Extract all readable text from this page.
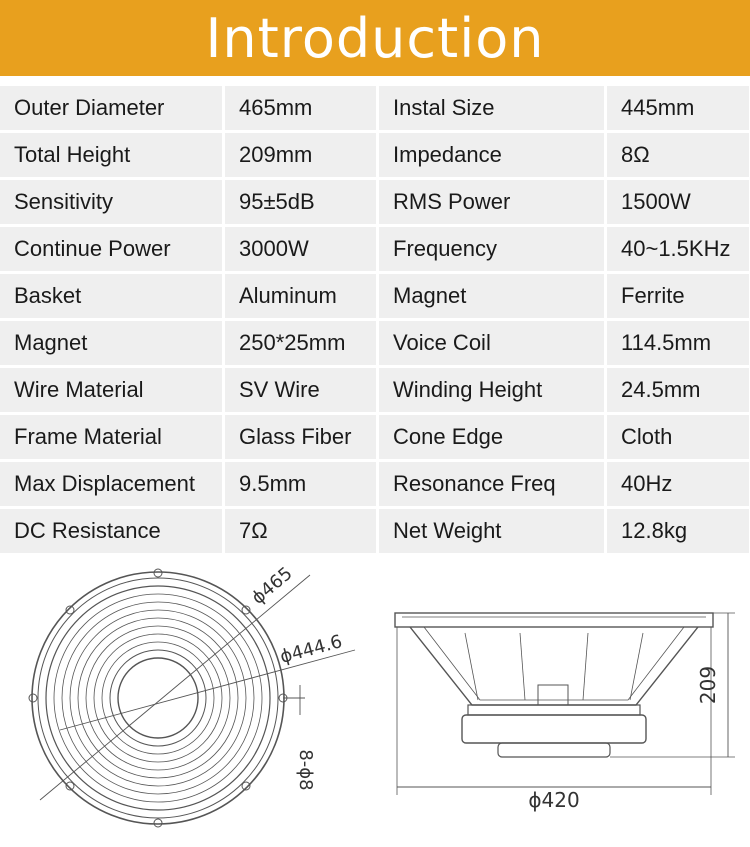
Introduction
Outer Diameter	465mm	Instal Size	445mm
Total Height	209mm	Impedance	8Ω
Sensitivity	95±5dB	RMS Power	1500W
Continue Power	3000W	Frequency	40~1.5KHz
Basket	Aluminum	Magnet	Ferrite
Magnet	250*25mm	Voice Coil	114.5mm
Wire Material	SV Wire	Winding Height	24.5mm
Frame Material	Glass Fiber	Cone Edge	Cloth
Max Displacement	9.5mm	Resonance Freq	40Hz
DC Resistance	7Ω	Net Weight	12.8kg
ϕ465
ϕ444.6
8-ϕ8
209
ϕ420
